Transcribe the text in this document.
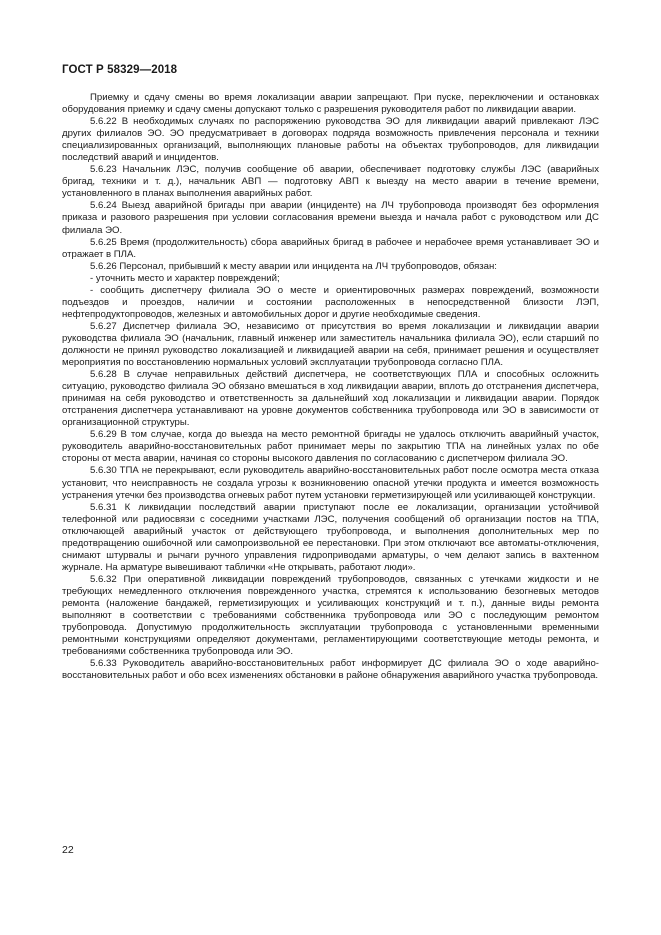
ГОСТ Р 58329—2018

Приемку и сдачу смены во время локализации аварии запрещают. При пуске, переключении и остановках оборудования приемку и сдачу смены допускают только с разрешения руководителя работ по ликвидации аварии.

5.6.22 В необходимых случаях по распоряжению руководства ЭО для ликвидации аварий привлекают ЛЭС других филиалов ЭО. ЭО предусматривает в договорах подряда возможность привлечения персонала и техники специализированных организаций, выполняющих плановые работы на объектах трубопроводов, для ликвидации последствий аварий и инцидентов.

5.6.23 Начальник ЛЭС, получив сообщение об аварии, обеспечивает подготовку службы ЛЭС (аварийных бригад, техники и т. д.), начальник АВП — подготовку АВП к выезду на место аварии в течение времени, установленного в планах выполнения аварийных работ.

5.6.24 Выезд аварийной бригады при аварии (инциденте) на ЛЧ трубопровода производят без оформления приказа и разового разрешения при условии согласования времени выезда и начала работ с руководством или ДС филиала ЭО.

5.6.25 Время (продолжительность) сбора аварийных бригад в рабочее и нерабочее время устанавливает ЭО и отражает в ПЛА.

5.6.26 Персонал, прибывший к месту аварии или инцидента на ЛЧ трубопроводов, обязан:

- уточнить место и характер повреждений;

- сообщить диспетчеру филиала ЭО о месте и ориентировочных размерах повреждений, возможности подъездов и проездов, наличии и состоянии расположенных в непосредственной близости ЛЭП, нефтепродуктопроводов, железных и автомобильных дорог и другие необходимые сведения.

5.6.27 Диспетчер филиала ЭО, независимо от присутствия во время локализации и ликвидации аварии руководства филиала ЭО (начальник, главный инженер или заместитель начальника филиала ЭО), если старший по должности не принял руководство локализацией и ликвидацией аварии на себя, принимает решения и осуществляет мероприятия по восстановлению нормальных условий эксплуатации трубопровода согласно ПЛА.

5.6.28 В случае неправильных действий диспетчера, не соответствующих ПЛА и способных осложнить ситуацию, руководство филиала ЭО обязано вмешаться в ход ликвидации аварии, вплоть до отстранения диспетчера, принимая на себя руководство и ответственность за дальнейший ход локализации и ликвидации аварии. Порядок отстранения диспетчера устанавливают на уровне документов собственника трубопровода или ЭО в зависимости от организационной структуры.

5.6.29 В том случае, когда до выезда на место ремонтной бригады не удалось отключить аварийный участок, руководитель аварийно-восстановительных работ принимает меры по закрытию ТПА на линейных узлах по обе стороны от места аварии, начиная со стороны высокого давления по согласованию с диспетчером филиала ЭО.

5.6.30 ТПА не перекрывают, если руководитель аварийно-восстановительных работ после осмотра места отказа установит, что неисправность не создала угрозы к возникновению опасной утечки продукта и имеется возможность устранения утечки без производства огневых работ путем установки герметизирующей или усиливающей конструкции.

5.6.31 К ликвидации последствий аварии приступают после ее локализации, организации устойчивой телефонной или радиосвязи с соседними участками ЛЭС, получения сообщений об организации постов на ТПА, отключающей аварийный участок от действующего трубопровода, и выполнения дополнительных мер по предотвращению ошибочной или самопроизвольной ее перестановки. При этом отключают все автоматы-отключения, снимают штурвалы и рычаги ручного управления гидроприводами арматуры, о чем делают запись в вахтенном журнале. На арматуре вывешивают таблички «Не открывать, работают люди».

5.6.32 При оперативной ликвидации повреждений трубопроводов, связанных с утечками жидкости и не требующих немедленного отключения поврежденного участка, стремятся к использованию безогневых методов ремонта (наложение бандажей, герметизирующих и усиливающих конструкций и т. п.), данные виды ремонта выполняют в соответствии с требованиями собственника трубопровода или ЭО с последующим ремонтом трубопровода. Допустимую продолжительность эксплуатации трубопровода с установленными временными ремонтными конструкциями определяют документами, регламентирующими соответствующие методы ремонта, и требованиями собственника трубопровода или ЭО.

5.6.33 Руководитель аварийно-восстановительных работ информирует ДС филиала ЭО о ходе аварийно-восстановительных работ и обо всех изменениях обстановки в районе обнаружения аварийного участка трубопровода.

22
